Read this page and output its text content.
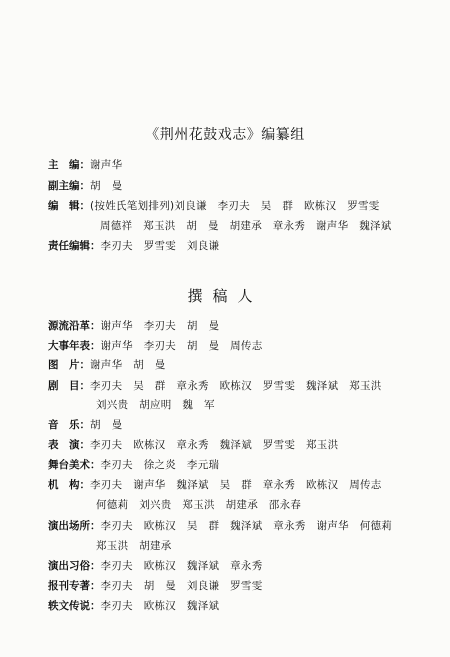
《荆州花鼓戏志》编纂组
主　编：谢声华
副主编：胡　曼
编　辑：(按姓氏笔划排列)刘良谦　李刃夫　吴　群　欧栋汉　罗雪雯
周德祥　郑玉洪　胡　曼　胡建承　章永秀　谢声华　魏泽斌
责任编辑：李刃夫　罗雪雯　刘良谦
撰稿人
源流沿革：谢声华　李刃夫　胡　曼
大事年表：谢声华　李刃夫　胡　曼　周传志
图　片：谢声华　胡　曼
剧　目：李刃夫　吴　群　章永秀　欧栋汉　罗雪雯　魏泽斌　郑玉洪
刘兴贵　胡应明　魏　军
音　乐：胡　曼
表　演：李刃夫　欧栋汉　章永秀　魏泽斌　罗雪雯　郑玉洪
舞台美术：李刃夫　徐之炎　李元瑞
机　构：李刃夫　谢声华　魏泽斌　吴　群　章永秀　欧栋汉　周传志
何德莉　刘兴贵　郑玉洪　胡建承　邵永春
演出场所：李刃夫　欧栋汉　吴　群　魏泽斌　章永秀　谢声华　何德莉
郑玉洪　胡建承
演出习俗：李刃夫　欧栋汉　魏泽斌　章永秀
报刊专著：李刃夫　胡　曼　刘良谦　罗雪雯
轶文传说：李刃夫　欧栋汉　魏泽斌
